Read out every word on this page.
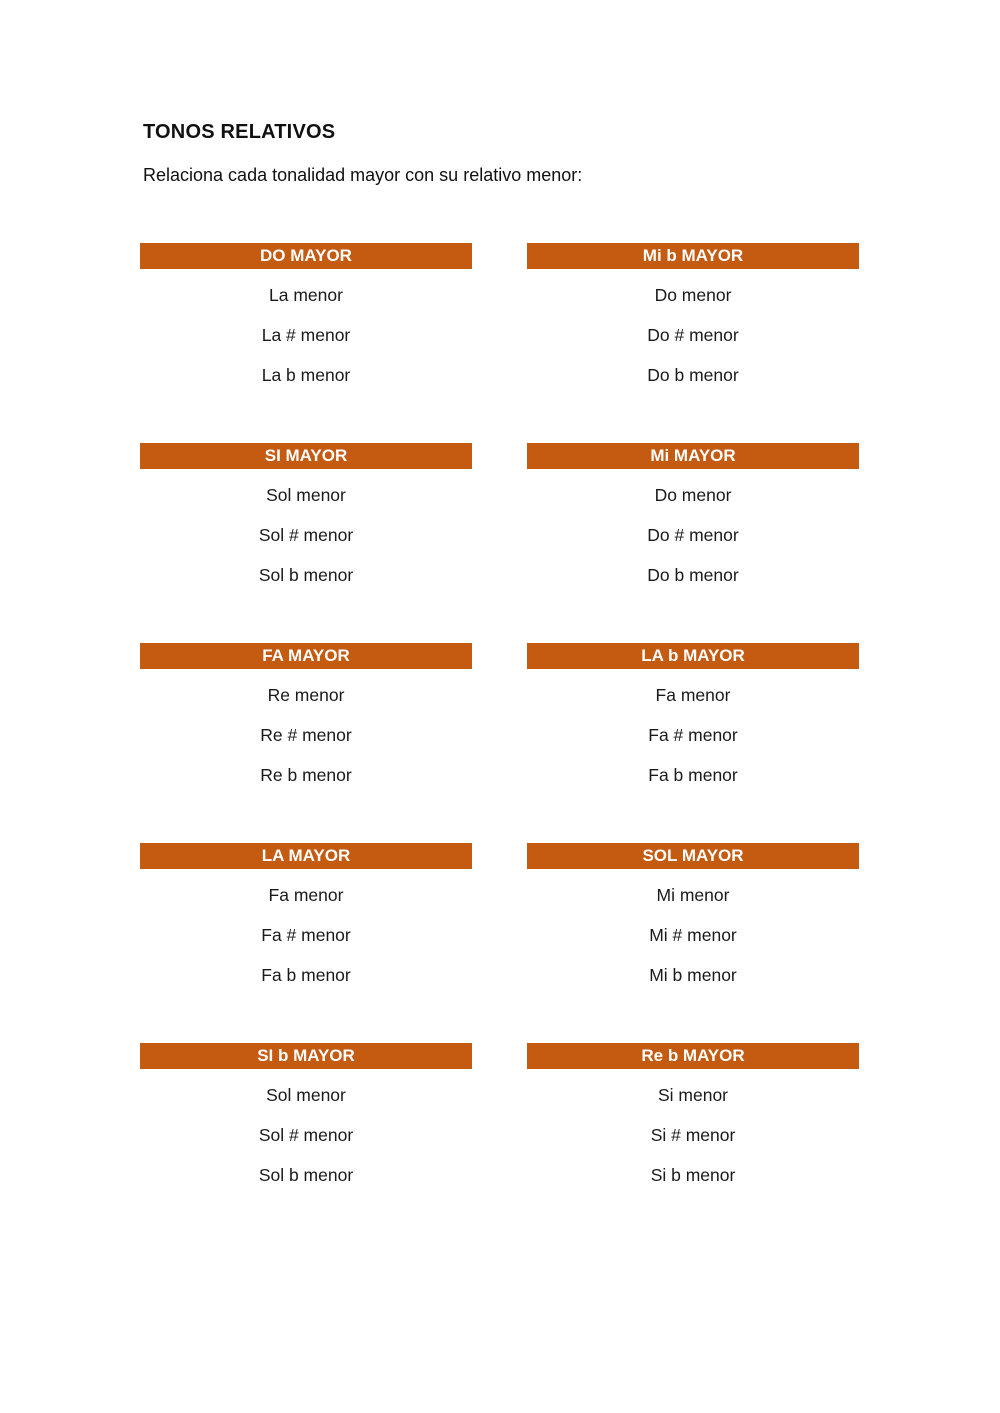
TONOS RELATIVOS

Relaciona cada tonalidad mayor con su relativo menor:

DO MAYOR
La menor
La # menor
La b menor
Mi b MAYOR
Do menor
Do # menor
Do b menor
SI MAYOR
Sol menor
Sol # menor
Sol b menor
Mi MAYOR
Do menor
Do # menor
Do b menor
FA MAYOR
Re menor
Re # menor
Re b menor
LA b MAYOR
Fa menor
Fa # menor
Fa b menor
LA MAYOR
Fa menor
Fa # menor
Fa b menor
SOL MAYOR
Mi menor
Mi # menor
Mi b menor
SI b MAYOR
Sol menor
Sol # menor
Sol b menor
Re b MAYOR
Si menor
Si # menor
Si b menor
